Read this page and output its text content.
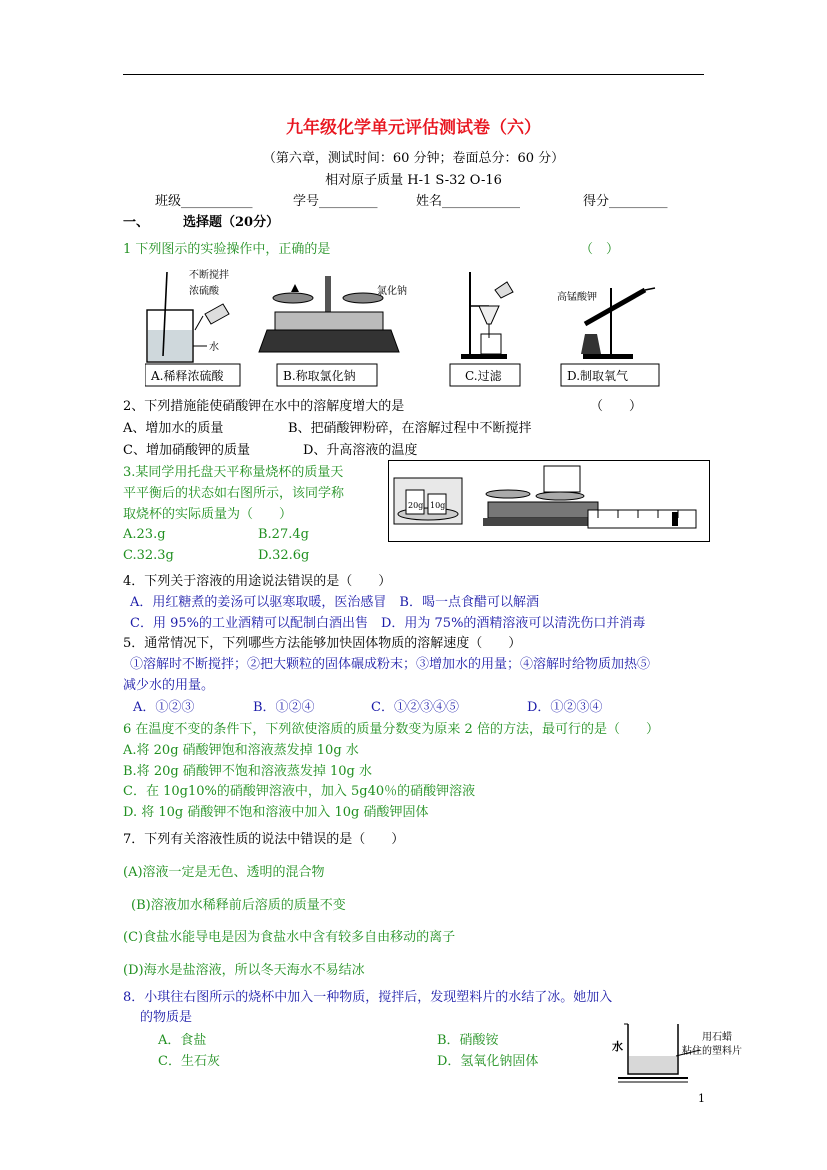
九年级化学单元评估测试卷（六）
（第六章，测试时间：60 分钟；卷面总分：60 分）
相对原子质量 H-1 S-32 O-16
班级___________	学号_________	姓名____________	得分_________
一、	选择题（20分）
1 下列图示的实验操作中，正确的是	（　）
不断搅拌
浓硫酸
水
A.稀释浓硫酸
氯化钠
B.称取氯化钠	C.过滤
高锰酸钾
D.制取氧气
2、下列措施能使硝酸钾在水中的溶解度增大的是	（　　）
A、增加水的质量	B、把硝酸钾粉碎，在溶解过程中不断搅拌
C、增加硝酸钾的质量	D、升高溶液的温度
3.某同学用托盘天平称量烧杯的质量天
平平衡后的状态如右图所示，该同学称
取烧杯的实际质量为（　　）
A.23.g	B.27.4g
C.32.3g	D.32.6g
20g 10g
4．下列关于溶液的用途说法错误的是（　　）
A．用红糖煮的姜汤可以驱寒取暖，医治感冒　B．喝一点食醋可以解酒
C．用 95%的工业酒精可以配制白酒出售　D．用为 75%的酒精溶液可以清洗伤口并消毒
5．通常情况下，下列哪些方法能够加快固体物质的溶解速度（　　）
①溶解时不断搅拌；②把大颗粒的固体碾成粉末；③增加水的用量；④溶解时给物质加热⑤
减少水的用量。
A．①②③	B．①②④	C．①②③④⑤	D．①②③④
6 在温度不变的条件下，下列欲使溶质的质量分数变为原来 2 倍的方法，最可行的是（　　）
A.将 20g 硝酸钾饱和溶液蒸发掉 10g 水
B.将 20g 硝酸钾不饱和溶液蒸发掉 10g 水
C．在 10g10%的硝酸钾溶液中，加入 5g40％的硝酸钾溶液
D. 将 10g 硝酸钾不饱和溶液中加入 10g 硝酸钾固体
7．下列有关溶液性质的说法中错误的是（　　）
(A)溶液一定是无色、透明的混合物
(B)溶液加水稀释前后溶质的质量不变
(C)食盐水能导电是因为食盐水中含有较多自由移动的离子
(D)海水是盐溶液，所以冬天海水不易结冰
8．小琪往右图所示的烧杯中加入一种物质，搅拌后，发现塑料片的水结了冰。她加入
的物质是
A．食盐	B．硝酸铵
C．生石灰	D．氢氧化钠固体
水
用石蜡
粘住的塑料片
1
